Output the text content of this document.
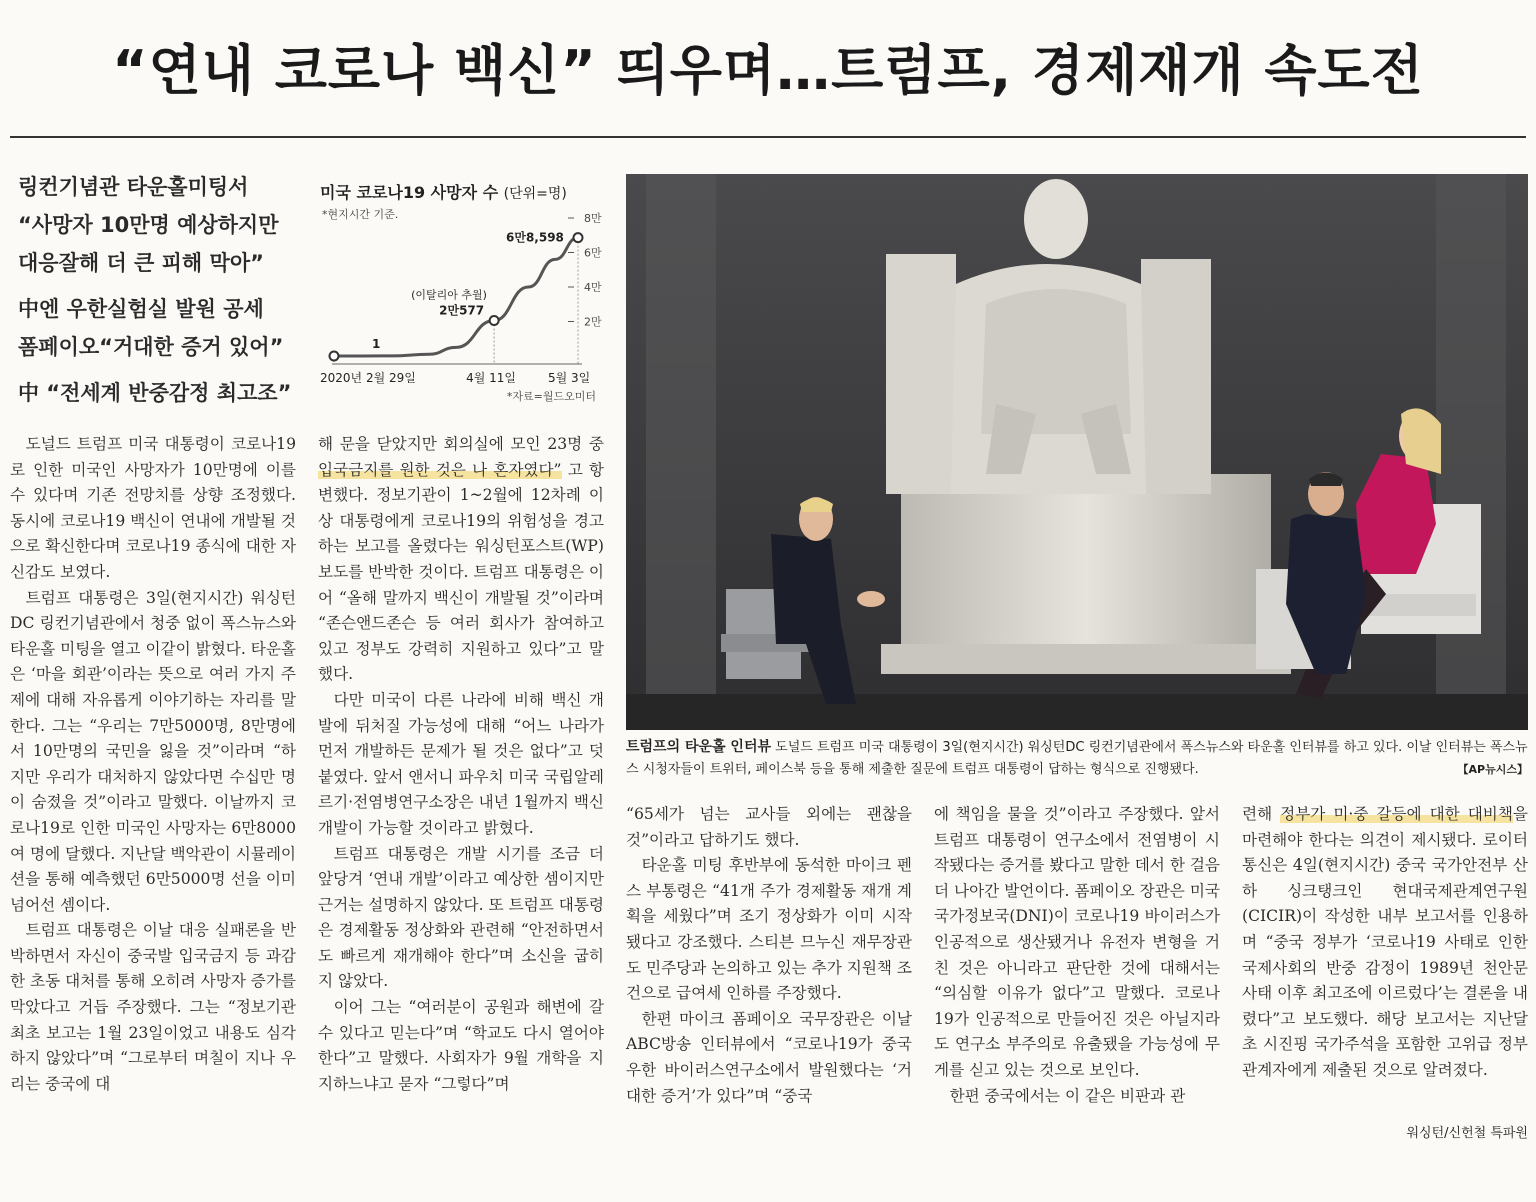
“연내 코로나 백신” 띄우며…트럼프, 경제재개 속도전

링컨기념관 타운홀미팅서

“사망자 10만명 예상하지만

대응잘해 더 큰 피해 막아”

中엔 우한실험실 발원 공세

폼페이오“거대한 증거 있어”

中 “전세계 반중감정 최고조”

미국 코로나19 사망자 수 (단위=명)
*현지시간 기준.	8만
6만
4만
2만
1
(이탈리아 추월)
2만577
6만8,598
2020년 2월 29일	4월 11일	5월 3일
*자료=월드오미터
트럼프의 타운홀 인터뷰 도널드 트럼프 미국 대통령이 3일(현지시간) 워싱턴DC 링컨기념관에서 폭스뉴스와 타운홀 인터뷰를 하고 있다. 이날 인터뷰는 폭스뉴스 시청자들이 트위터, 페이스북 등을 통해 제출한 질문에 트럼프 대통령이 답하는 형식으로 진행됐다.	【AP뉴시스】

도널드 트럼프 미국 대통령이 코로나19로 인한 미국인 사망자가 10만명에 이를 수 있다며 기존 전망치를 상향 조정했다. 동시에 코로나19 백신이 연내에 개발될 것으로 확신한다며 코로나19 종식에 대한 자신감도 보였다.

트럼프 대통령은 3일(현지시간) 워싱턴DC 링컨기념관에서 청중 없이 폭스뉴스와 타운홀 미팅을 열고 이같이 밝혔다. 타운홀은 ‘마을 회관’이라는 뜻으로 여러 가지 주제에 대해 자유롭게 이야기하는 자리를 말한다. 그는 “우리는 7만5000명, 8만명에서 10만명의 국민을 잃을 것”이라며 “하지만 우리가 대처하지 않았다면 수십만 명이 숨졌을 것”이라고 말했다. 이날까지 코로나19로 인한 미국인 사망자는 6만8000여 명에 달했다. 지난달 백악관이 시뮬레이션을 통해 예측했던 6만5000명 선을 이미 넘어선 셈이다.

트럼프 대통령은 이날 대응 실패론을 반박하면서 자신이 중국발 입국금지 등 과감한 초동 대처를 통해 오히려 사망자 증가를 막았다고 거듭 주장했다. 그는 “정보기관 최초 보고는 1월 23일이었고 내용도 심각하지 않았다”며 “그로부터 며칠이 지나 우리는 중국에 대

해 문을 닫았지만 회의실에 모인 23명 중 입국금지를 원한 것은 나 혼자였다” 고 항변했다. 정보기관이 1~2월에 12차례 이상 대통령에게 코로나19의 위험성을 경고하는 보고를 올렸다는 워싱턴포스트(WP) 보도를 반박한 것이다. 트럼프 대통령은 이어 “올해 말까지 백신이 개발될 것”이라며 “존슨앤드존슨 등 여러 회사가 참여하고 있고 정부도 강력히 지원하고 있다”고 말했다.

다만 미국이 다른 나라에 비해 백신 개발에 뒤처질 가능성에 대해 “어느 나라가 먼저 개발하든 문제가 될 것은 없다”고 덧붙였다. 앞서 앤서니 파우치 미국 국립알레르기·전염병연구소장은 내년 1월까지 백신 개발이 가능할 것이라고 밝혔다.

트럼프 대통령은 개발 시기를 조금 더 앞당겨 ‘연내 개발’이라고 예상한 셈이지만 근거는 설명하지 않았다. 또 트럼프 대통령은 경제활동 정상화와 관련해 “안전하면서도 빠르게 재개해야 한다”며 소신을 굽히지 않았다.

이어 그는 “여러분이 공원과 해변에 갈 수 있다고 믿는다”며 “학교도 다시 열어야 한다”고 말했다. 사회자가 9월 개학을 지지하느냐고 묻자 “그렇다”며

“65세가 넘는 교사들 외에는 괜찮을 것”이라고 답하기도 했다.

타운홀 미팅 후반부에 동석한 마이크 펜스 부통령은 “41개 주가 경제활동 재개 계획을 세웠다”며 조기 정상화가 이미 시작됐다고 강조했다. 스티븐 므누신 재무장관도 민주당과 논의하고 있는 추가 지원책 조건으로 급여세 인하를 주장했다.

한편 마이크 폼페이오 국무장관은 이날 ABC방송 인터뷰에서 “코로나19가 중국 우한 바이러스연구소에서 발원했다는 ‘거대한 증거’가 있다”며 “중국

에 책임을 물을 것”이라고 주장했다. 앞서 트럼프 대통령이 연구소에서 전염병이 시작됐다는 증거를 봤다고 말한 데서 한 걸음 더 나아간 발언이다. 폼페이오 장관은 미국 국가정보국(DNI)이 코로나19 바이러스가 인공적으로 생산됐거나 유전자 변형을 거친 것은 아니라고 판단한 것에 대해서는 “의심할 이유가 없다”고 말했다. 코로나19가 인공적으로 만들어진 것은 아닐지라도 연구소 부주의로 유출됐을 가능성에 무게를 싣고 있는 것으로 보인다.

한편 중국에서는 이 같은 비판과 관

련해 정부가 미·중 갈등에 대한 대비책을 마련해야 한다는 의견이 제시됐다. 로이터통신은 4일(현지시간) 중국 국가안전부 산하 싱크탱크인 현대국제관계연구원(CICIR)이 작성한 내부 보고서를 인용하며 “중국 정부가 ‘코로나19 사태로 인한 국제사회의 반중 감정이 1989년 천안문 사태 이후 최고조에 이르렀다’는 결론을 내렸다”고 보도했다. 해당 보고서는 지난달 초 시진핑 국가주석을 포함한 고위급 정부 관계자에게 제출된 것으로 알려졌다.

워싱턴/신헌철 특파원
